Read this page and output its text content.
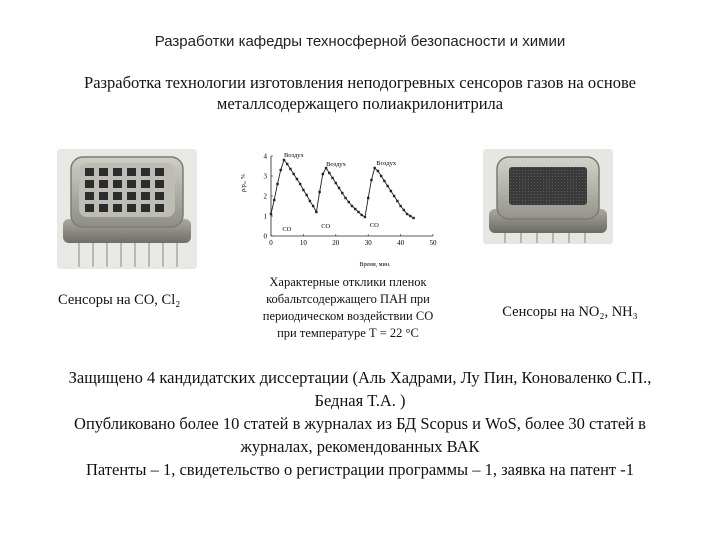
Разработки кафедры техносферной безопасности и химии
Разработка технологии изготовления неподогревных сенсоров газов на основе
металлсодержащего полиакрилонитрила
0	10	20	30	40	50
0
1
2
3
4	Воздух
Воздух	Воздух
CO	CO	CO
Время, мин.
ρ/ρ₀, %
Сенсоры на CO, Cl₂
Характерные отклики пленок
кобальтсодержащего ПАН при
периодическом воздействии CO
при температуре Т = 22 °C
Сенсоры на NO₂, NH₃
Защищено 4 кандидатских диссертации (Аль Хадрами, Лу Пин, Коноваленко С.П.,
Бедная Т.А. )
Опубликовано более 10 статей в журналах из БД Scopus и WoS, более 30 статей в
журналах, рекомендованных ВАК
Патенты – 1, свидетельство о регистрации программы – 1, заявка на патент -1
